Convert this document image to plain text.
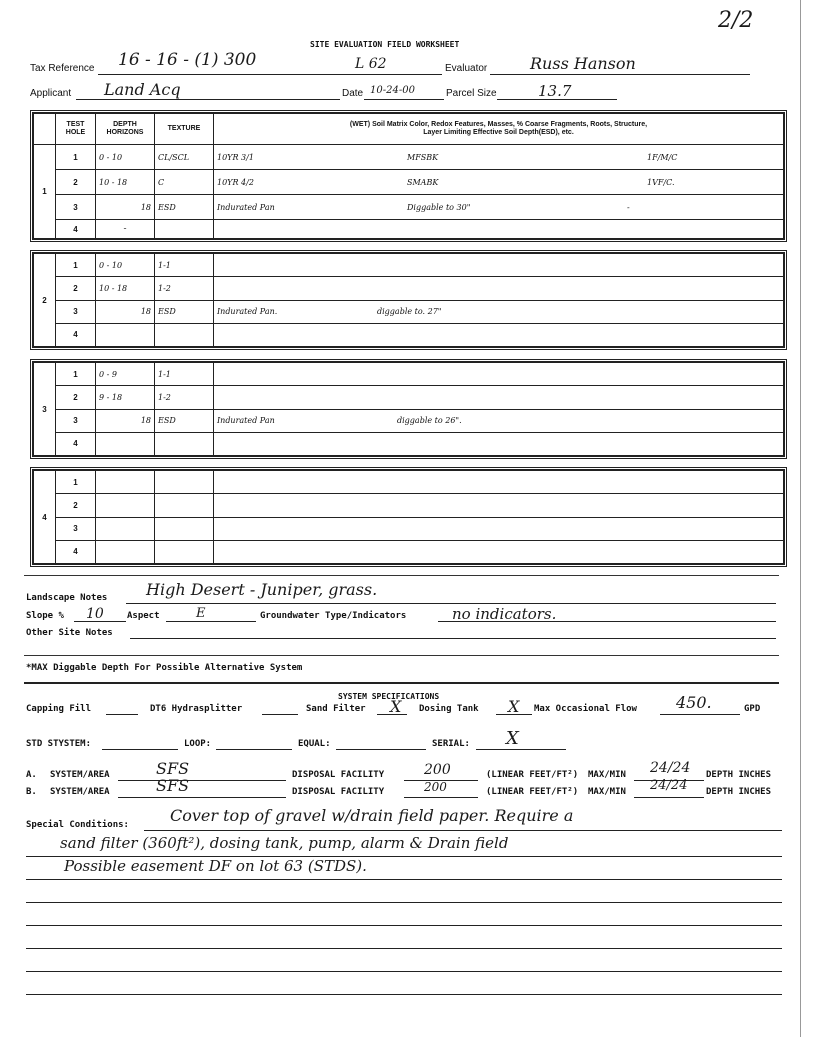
2/2
SITE EVALUATION FIELD WORKSHEET
Tax Reference 16 - 16 - (1) 300	L 62	Evaluator	Russ Hanson
Applicant Land Acq	Date 10-24-00	Parcel Size	13.7
	TEST HOLE	DEPTH HORIZONS	TEXTURE	(WET) Soil Matrix Color, Redox Features, Masses, % Coarse Fragments, Roots, Structure,
Layer Limiting Effective Soil Depth(ESD), etc.

1	1	0 - 10	CL/SCL	10YR 3/1 MFSBK 1F/M/C
	2	10 - 18	C	10YR 4/2 SMABK 1VF/C.
	3	18	ESD	Indurated Pan Diggable to 30" -
	4	-		
2	1	0 - 10	1-1	
	2	10 - 18	1-2	
	3	18	ESD	Indurated Pan. diggable to. 27"
	4			
3	1	0 - 9	1-1	
	2	9 - 18	1-2	
	3	18	ESD	Indurated Pan diggable to 26".
	4			
4	1			
	2			
	3			
	4			
Landscape Notes High Desert - Juniper, grass.
Slope % 10	Aspect	E	Groundwater Type/Indicators	no indicators.
Other Site Notes
*MAX Diggable Depth For Possible Alternative System
SYSTEM SPECIFICATIONS
Capping Fill	DT6 Hydrasplitter	Sand Filter X Dosing Tank X Max Occasional Flow 450.	GPD
STD STYSTEM:	LOOP:	EQUAL:	SERIAL: X
A. SYSTEM/AREA	SFS	DISPOSAL FACILITY	200	(LINEAR FEET/FT²) MAX/MIN 24/24 DEPTH INCHES
B. SYSTEM/AREA	SFS	DISPOSAL FACILITY	200	(LINEAR FEET/FT²) MAX/MIN 24/24 DEPTH INCHES
Special Conditions:	Cover top of gravel w/drain field paper. Require a
sand filter (360ft²), dosing tank, pump, alarm & Drain field
Possible easement DF on lot 63 (STDS).
